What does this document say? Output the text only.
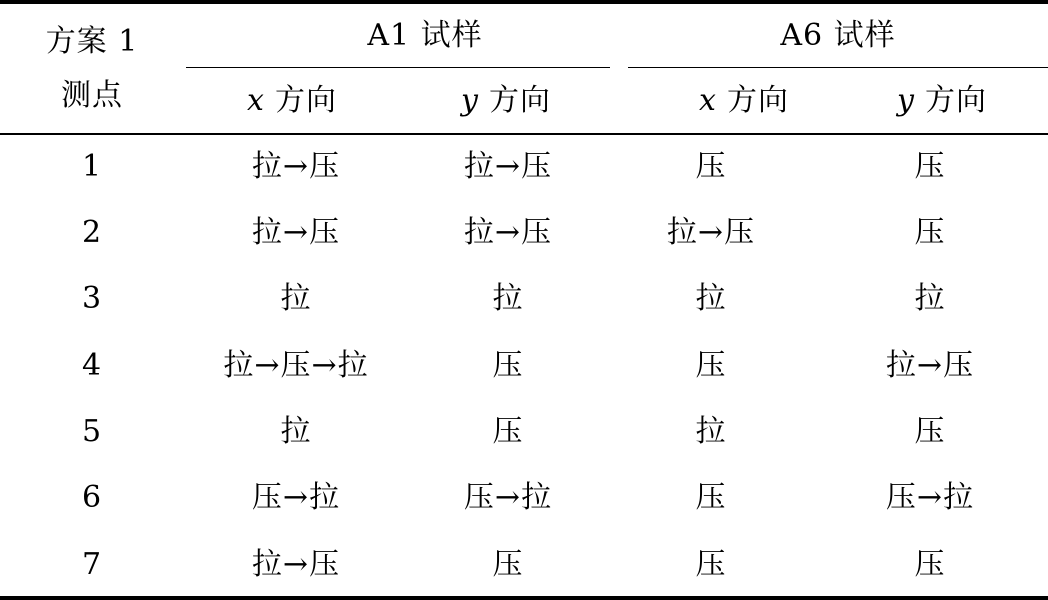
方案 1
测点
A1 试样	A6 试样
x 方向	y 方向	x 方向	y 方向
1	拉→压	拉→压	压	压
2	拉→压	拉→压	拉→压	压
3	拉	拉	拉	拉
4	拉→压→拉	压	压	拉→压
5	拉	压	拉	压
6	压→拉	压→拉	压	压→拉
7	拉→压	压	压	压
